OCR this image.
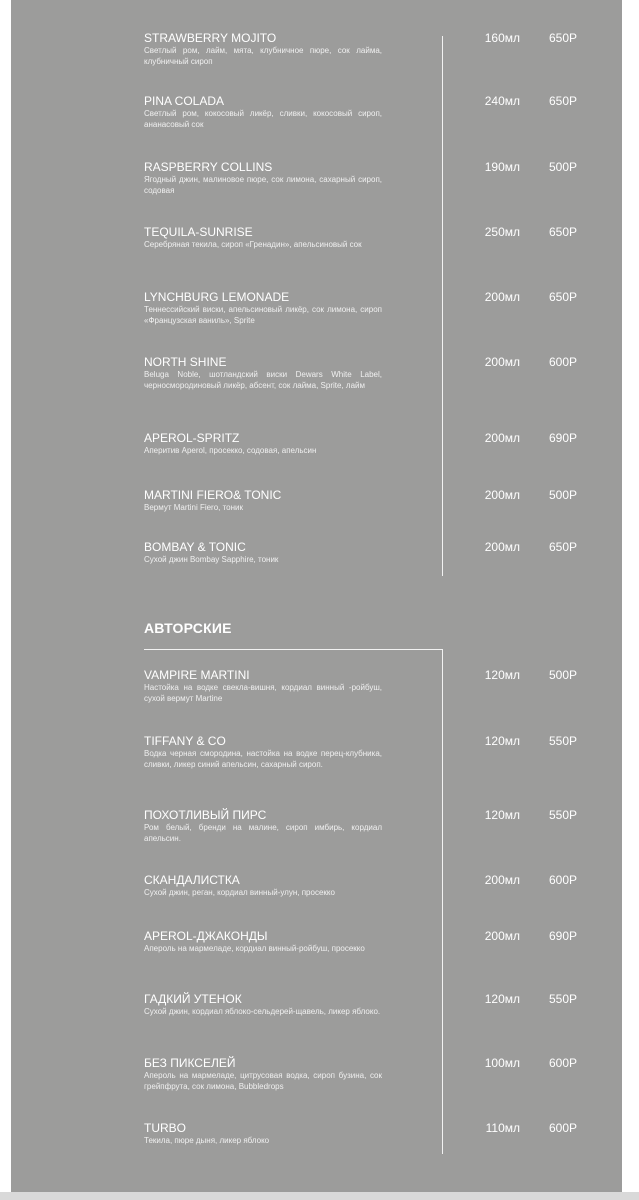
STRAWBERRY MOJITO
Светлый ром, лайм, мята, клубничное пюре, сок лайма, клубничный сироп
160мл 650Р
PINA COLADA
Светлый ром, кокосовый ликёр, сливки, кокосовый сироп, ананасовый сок
240мл 650Р
RASPBERRY COLLINS
Ягодный джин, малиновое пюре, сок лимона, сахарный сироп, содовая
190мл 500Р
TEQUILA-SUNRISE
Серебряная текила, сироп «Гренадин», апельсиновый сок
250мл 650Р
LYNCHBURG LEMONADE
Теннессийский виски, апельсиновый ликёр, сок лимона, сироп «Французская ваниль», Sprite
200мл 650Р
NORTH SHINE
Beluga Noble, шотландский виски Dewars White Label, черносмородиновый ликёр, абсент, сок лайма, Sprite, лайм
200мл 600Р
APEROL-SPRITZ
Аперитив Aperol, просекко, содовая, апельсин
200мл 690Р
MARTINI FIERO& TONIC
Вермут Martini Fiero, тоник
200мл 500Р
BOMBAY & TONIC
Сухой джин Bombay Sapphire, тоник
200мл 650Р
АВТОРСКИЕ
VAMPIRE MARTINI
Настойка на водке свекла-вишня, кордиал винный -ройбуш, сухой вермут Martine
120мл 500Р
TIFFANY & CO
Водка черная смородина, настойка на водке перец-клубника, сливки, ликер синий апельсин, сахарный сироп.
120мл 550Р
ПОХОТЛИВЫЙ ПИРС
Ром белый, бренди на малине, сироп имбирь, кордиал апельсин.
120мл 550Р
СКАНДАЛИСТКА
Сухой джин, реган, кордиал винный-улун, просекко
200мл 600Р
APEROL-ДЖАКОНДЫ
Апероль на мармеладе, кордиал винный-ройбуш, просекко
200мл 690Р
ГАДКИЙ УТЕНОК
Сухой джин, кордиал яблоко-сельдерей-щавель, ликер яблоко.
120мл 550Р
БЕЗ ПИКСЕЛЕЙ
Апероль на мармеладе, цитрусовая водка, сироп бузина, сок грейпфрута, сок лимона, Bubbledrops
100мл 600Р
TURBO
Текила, пюре дыня, ликер яблоко
110мл 600Р
